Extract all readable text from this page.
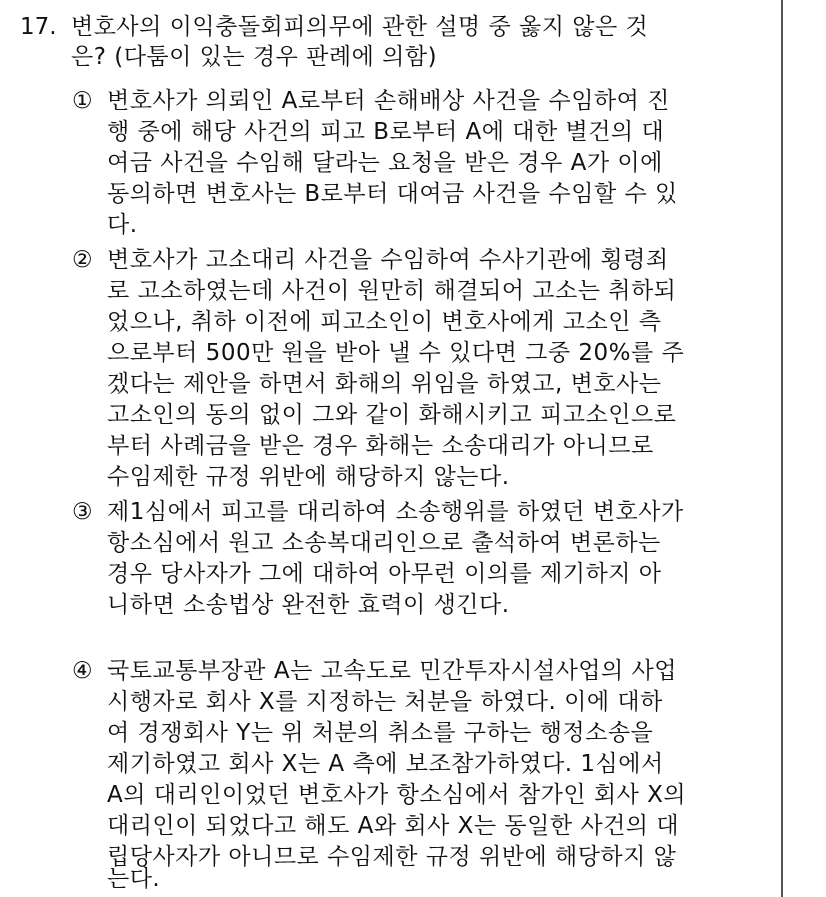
17. 변호사의 이익충돌회피의무에 관한 설명 중 옳지 않은 것
은? (다툼이 있는 경우 판례에 의함)
① 변호사가 의뢰인 A로부터 손해배상 사건을 수임하여 진
행 중에 해당 사건의 피고 B로부터 A에 대한 별건의 대
여금 사건을 수임해 달라는 요청을 받은 경우 A가 이에
동의하면 변호사는 B로부터 대여금 사건을 수임할 수 있
다.
② 변호사가 고소대리 사건을 수임하여 수사기관에 횡령죄
로 고소하였는데 사건이 원만히 해결되어 고소는 취하되
었으나, 취하 이전에 피고소인이 변호사에게 고소인 측
으로부터 500만 원을 받아 낼 수 있다면 그중 20%를 주
겠다는 제안을 하면서 화해의 위임을 하였고, 변호사는
고소인의 동의 없이 그와 같이 화해시키고 피고소인으로
부터 사례금을 받은 경우 화해는 소송대리가 아니므로
수임제한 규정 위반에 해당하지 않는다.
③ 제1심에서 피고를 대리하여 소송행위를 하였던 변호사가
항소심에서 원고 소송복대리인으로 출석하여 변론하는
경우 당사자가 그에 대하여 아무런 이의를 제기하지 아
니하면 소송법상 완전한 효력이 생긴다.
④ 국토교통부장관 A는 고속도로 민간투자시설사업의 사업
시행자로 회사 X를 지정하는 처분을 하였다. 이에 대하
여 경쟁회사 Y는 위 처분의 취소를 구하는 행정소송을
제기하였고 회사 X는 A 측에 보조참가하였다. 1심에서
A의 대리인이었던 변호사가 항소심에서 참가인 회사 X의
대리인이 되었다고 해도 A와 회사 X는 동일한 사건의 대
립당사자가 아니므로 수임제한 규정 위반에 해당하지 않
는다.
